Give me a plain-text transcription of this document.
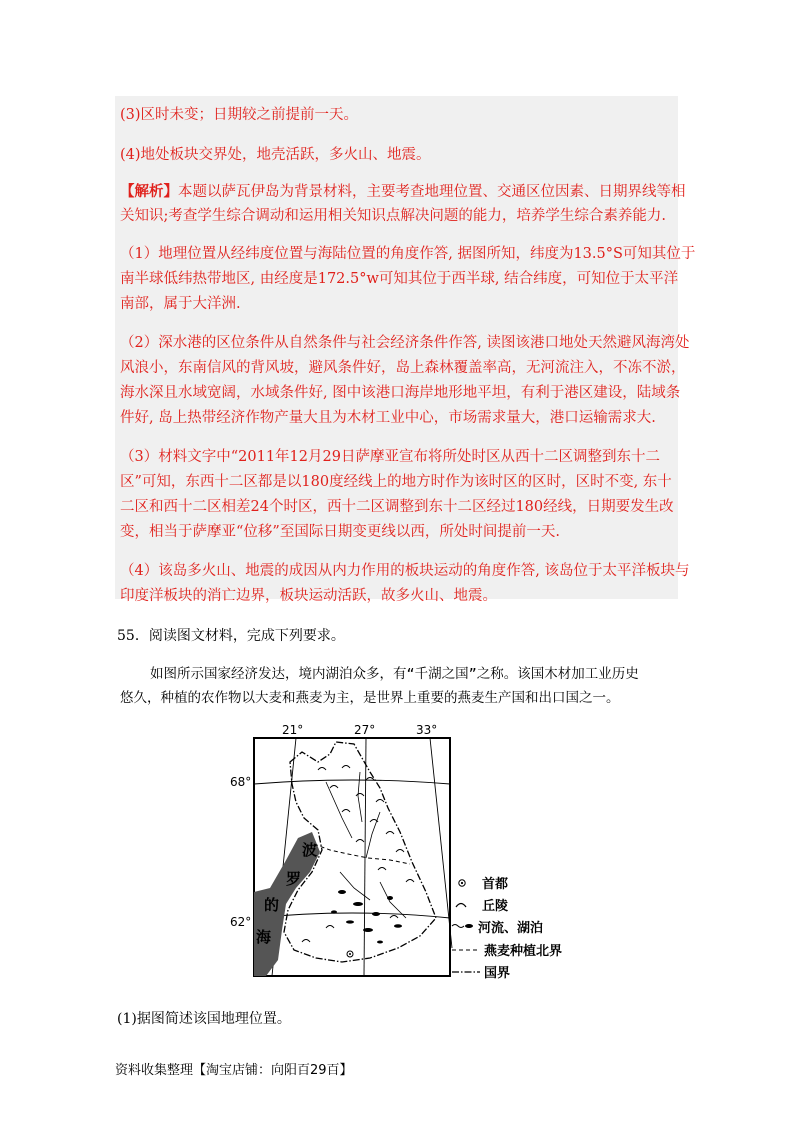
(3)区时未变；日期较之前提前一天。
(4)地处板块交界处，地壳活跃，多火山、地震。
【解析】本题以萨瓦伊岛为背景材料，主要考查地理位置、交通区位因素、日期界线等相
关知识;考查学生综合调动和运用相关知识点解决问题的能力，培养学生综合素养能力.
（1）地理位置从经纬度位置与海陆位置的角度作答, 据图所知，纬度为13.5°S可知其位于
南半球低纬热带地区, 由经度是172.5°w可知其位于西半球, 结合纬度，可知位于太平洋
南部，属于大洋洲.
（2）深水港的区位条件从自然条件与社会经济条件作答, 读图该港口地处天然避风海湾处
风浪小，东南信风的背风坡，避风条件好，岛上森林覆盖率高，无河流注入，不冻不淤，
海水深且水域宽阔，水域条件好, 图中该港口海岸地形地平坦，有利于港区建设，陆域条
件好, 岛上热带经济作物产量大且为木材工业中心，市场需求量大，港口运输需求大.
（3）材料文字中“2011年12月29日萨摩亚宣布将所处时区从西十二区调整到东十二
区”可知，东西十二区都是以180度经线上的地方时作为该时区的区时，区时不变, 东十
二区和西十二区相差24个时区，西十二区调整到东十二区经过180经线，日期要发生改
变，相当于萨摩亚“位移”至国际日期变更线以西，所处时间提前一天.
（4）该岛多火山、地震的成因从内力作用的板块运动的角度作答, 该岛位于太平洋板块与
印度洋板块的消亡边界，板块运动活跃，故多火山、地震。
55．阅读图文材料，完成下列要求。
如图所示国家经济发达，境内湖泊众多，有“千湖之国”之称。该国木材加工业历史
悠久，种植的农作物以大麦和燕麦为主，是世界上重要的燕麦生产国和出口国之一。
波
罗
的
海
21°	27°	33°
68°
62°
首都
丘陵
河流、湖泊
燕麦种植北界
国界
(1)据图简述该国地理位置。
资料收集整理【淘宝店铺：向阳百29百】
